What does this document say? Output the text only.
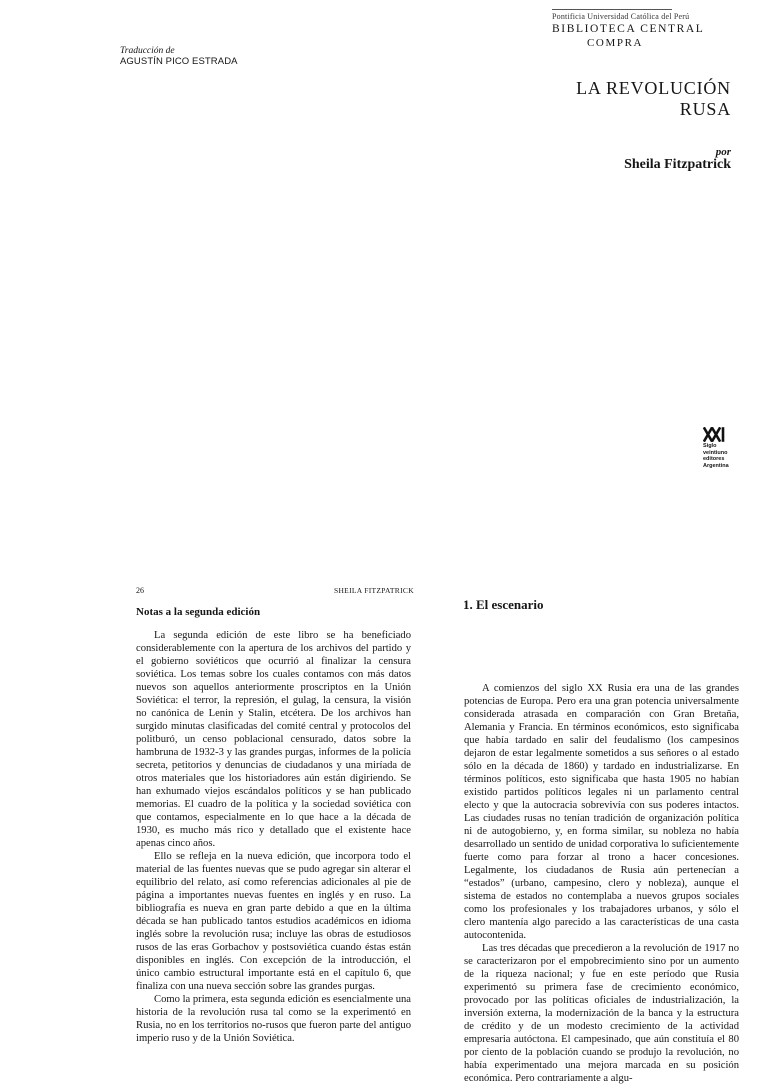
Pontificia Universidad Católica del Perú
BIBLIOTECA CENTRAL
COMPRA
Traducción de
AGUSTÍN PICO ESTRADA
LA REVOLUCIÓN
RUSA
por
Sheila Fitzpatrick
Siglo
veintiuno
editores
Argentina
26	SHEILA FITZPATRICK
Notas a la segunda edición

La segunda edición de este libro se ha beneficiado considerablemente con la apertura de los archivos del partido y el gobierno soviéticos que ocurrió al finalizar la censura soviética. Los temas sobre los cuales contamos con más datos nuevos son aquellos anteriormente proscriptos en la Unión Soviética: el terror, la represión, el gulag, la censura, la visión no canónica de Lenin y Stalin, etcétera. De los archivos han surgido minutas clasificadas del comité central y protocolos del politburó, un censo poblacional censurado, datos sobre la hambruna de 1932-3 y las grandes purgas, informes de la policía secreta, petitorios y denuncias de ciudadanos y una miríada de otros materiales que los historiadores aún están digiriendo. Se han exhumado viejos escándalos políticos y se han publicado memorias. El cuadro de la política y la sociedad soviética con que contamos, especialmente en lo que hace a la década de 1930, es mucho más rico y detallado que el existente hace apenas cinco años.

Ello se refleja en la nueva edición, que incorpora todo el material de las fuentes nuevas que se pudo agregar sin alterar el equilibrio del relato, así como referencias adicionales al pie de página a importantes nuevas fuentes en inglés y en ruso. La bibliografía es nueva en gran parte debido a que en la última década se han publicado tantos estudios académicos en idioma inglés sobre la revolución rusa; incluye las obras de estudiosos rusos de las eras Gorbachov y postsoviética cuando éstas están disponibles en inglés. Con excepción de la introducción, el único cambio estructural importante está en el capítulo 6, que finaliza con una nueva sección sobre las grandes purgas.

Como la primera, esta segunda edición es esencialmente una historia de la revolución rusa tal como se la experimentó en Rusia, no en los territorios no-rusos que fueron parte del antiguo imperio ruso y de la Unión Soviética.

1. El escenario

A comienzos del siglo XX Rusia era una de las grandes potencias de Europa. Pero era una gran potencia universalmente considerada atrasada en comparación con Gran Bretaña, Alemania y Francia. En términos económicos, esto significaba que había tardado en salir del feudalismo (los campesinos dejaron de estar legalmente sometidos a sus señores o al estado sólo en la década de 1860) y tardado en industrializarse. En términos políticos, esto significaba que hasta 1905 no habían existido partidos políticos legales ni un parlamento central electo y que la autocracia sobrevivía con sus poderes intactos. Las ciudades rusas no tenían tradición de organización política ni de autogobierno, y, en forma similar, su nobleza no había desarrollado un sentido de unidad corporativa lo suficientemente fuerte como para forzar al trono a hacer concesiones. Legalmente, los ciudadanos de Rusia aún pertenecían a “estados” (urbano, campesino, clero y nobleza), aunque el sistema de estados no contemplaba a nuevos grupos sociales como los profesionales y los trabajadores urbanos, y sólo el clero mantenía algo parecido a las características de una casta autocontenida.

Las tres décadas que precedieron a la revolución de 1917 no se caracterizaron por el empobrecimiento sino por un aumento de la riqueza nacional; y fue en este período que Rusia experimentó su primera fase de crecimiento económico, provocado por las políticas oficiales de industrialización, la inversión externa, la modernización de la banca y la estructura de crédito y de un modesto crecimiento de la actividad empresaria autóctona. El campesinado, que aún constituía el 80 por ciento de la población cuando se produjo la revolución, no había experimentado una mejora marcada en su posición económica. Pero contrariamente a algu-
